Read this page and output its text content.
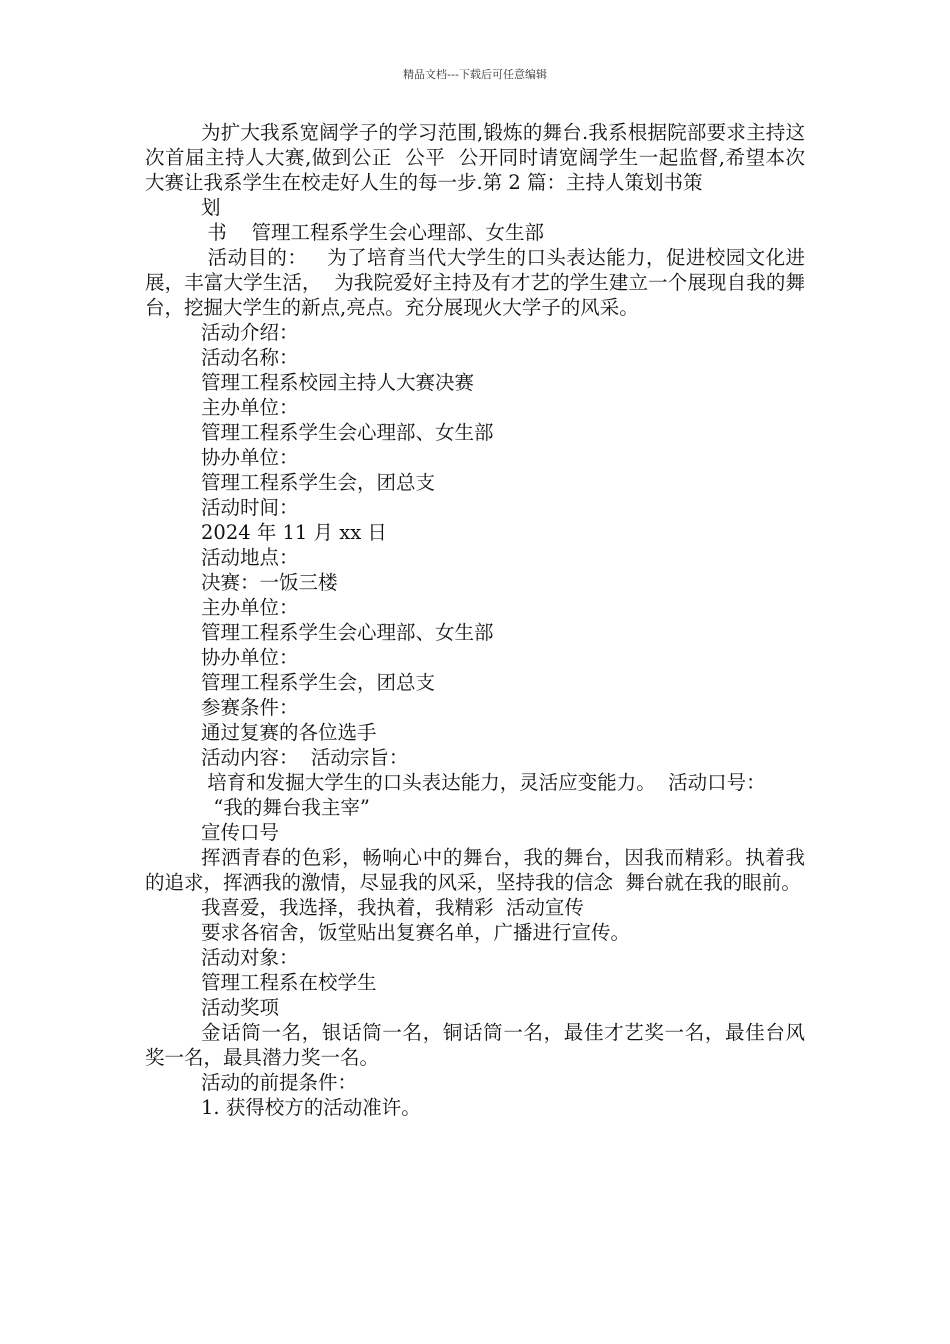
精品文档---下载后可任意编辑

为扩大我系宽阔学子的学习范围,锻炼的舞台.我系根据院部要求主持这次首届主持人大赛,做到公正  公平  公开同时请宽阔学生一起监督,希望本次大赛让我系学生在校走好人生的每一步.第 2 篇：主持人策划书策

划

书    管理工程系学生会心理部、女生部

活动目的：   为了培育当代大学生的口头表达能力，促进校园文化进展，丰富大学生活，  为我院爱好主持及有才艺的学生建立一个展现自我的舞台，挖掘大学生的新点,亮点。充分展现火大学子的风采。

活动介绍：

活动名称：

管理工程系校园主持人大赛决赛

主办单位：

管理工程系学生会心理部、女生部

协办单位：

管理工程系学生会，团总支

活动时间：

2024 年 11 月 xx 日

活动地点：

决赛：一饭三楼

主办单位：

管理工程系学生会心理部、女生部

协办单位：

管理工程系学生会，团总支

参赛条件：

通过复赛的各位选手

活动内容：  活动宗旨：

培育和发掘大学生的口头表达能力，灵活应变能力。  活动口号：

“我的舞台我主宰”

宣传口号

挥洒青春的色彩，畅响心中的舞台，我的舞台，因我而精彩。执着我的追求，挥洒我的激情，尽显我的风采，坚持我的信念  舞台就在我的眼前。

我喜爱，我选择，我执着，我精彩  活动宣传

要求各宿舍，饭堂贴出复赛名单，广播进行宣传。

活动对象：

管理工程系在校学生

活动奖项

金话筒一名，银话筒一名，铜话筒一名，最佳才艺奖一名，最佳台风奖一名，最具潜力奖一名。

活动的前提条件：

1. 获得校方的活动准许。
